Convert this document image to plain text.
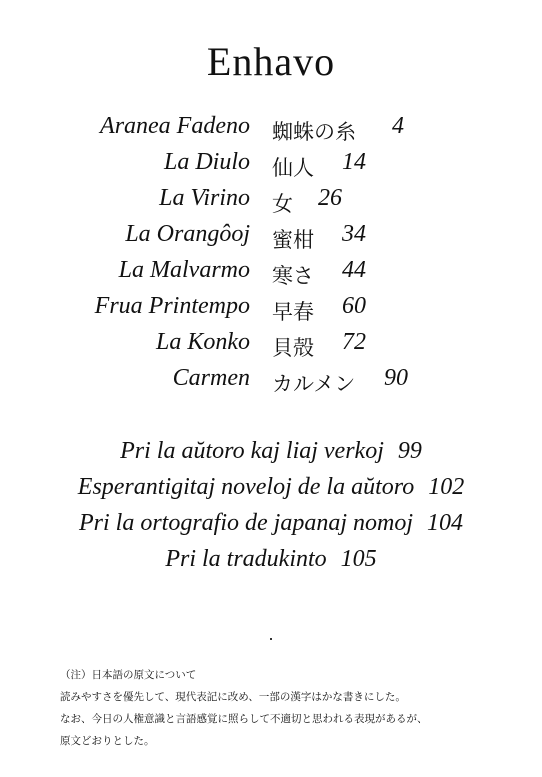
Enhavo
Aranea Fadeno 蜘蛛の糸 4
La Diulo 仙人 14
La Virino 女 26
La Orangôoj 蜜柑 34
La Malvarmo 寒さ 44
Frua Printempo 早春 60
La Konko 貝殻 72
Carmen カルメン 90
Pri la aŭtoro kaj liaj verkoj 99
Esperantigitaj noveloj de la aŭtoro 102
Pri la ortografio de japanaj nomoj 104
Pri la tradukinto 105
（注）日本語の原文について
読みやすさを優先して、現代表記に改め、一部の漢字はかな書きにした。
なお、今日の人権意識と言語感覚に照らして不適切と思われる表現があるが、
原文どおりとした。
